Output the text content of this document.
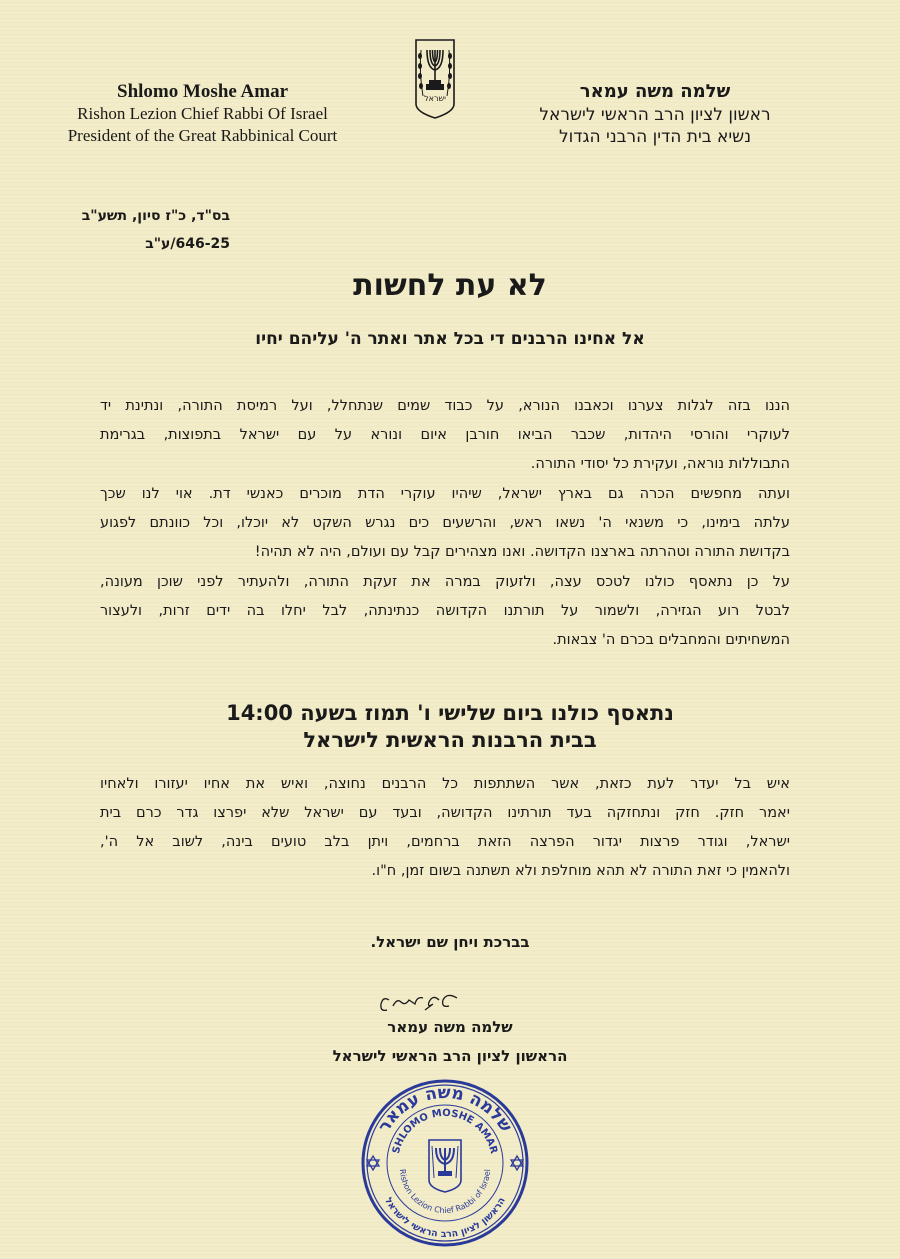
Shlomo Moshe Amar
Rishon Lezion Chief Rabbi Of Israel
President of the Great Rabbinical Court
ישראל	שלמה משה עמאר
ראשון לציון הרב הראשי לישראל
נשיא בית הדין הרבני הגדול
בס"ד, כ"ז סיון, תשע"ב
646-25/ע"ב
לא עת לחשות
אל אחינו הרבנים די בכל אתר ואתר ה' עליהם יחיו
הננו בזה לגלות צערנו וכאבנו הנורא, על כבוד שמים שנתחלל, ועל רמיסת התורה, ונתינת יד
לעוקרי והורסי היהדות, שכבר הביאו חורבן איום ונורא על עם ישראל בתפוצות, בגרימת
התבוללות נוראה, ועקירת כל יסודי התורה.
ועתה מחפשים הכרה גם בארץ ישראל, שיהיו עוקרי הדת מוכרים כאנשי דת. אוי לנו שכך
עלתה בימינו, כי משנאי ה' נשאו ראש, והרשעים כים נגרש השקט לא יוכלו, וכל כוונתם לפגוע
בקדושת התורה וטהרתה בארצנו הקדושה. ואנו מצהירים קבל עם ועולם, היה לא תהיה!
על כן נתאסף כולנו לטכס עצה, ולזעוק במרה את זעקת התורה, ולהעתיר לפני שוכן מעונה,
לבטל רוע הגזירה, ולשמור על תורתנו הקדושה כנתינתה, לבל יחלו בה ידים זרות, ולעצור
המשחיתים והמחבלים בכרם ה' צבאות.
נתאסף כולנו ביום שלישי ו' תמוז בשעה 14:00
בבית הרבנות הראשית לישראל
איש בל יעדר לעת כזאת, אשר השתתפות כל הרבנים נחוצה, ואיש את אחיו יעזורו ולאחיו
יאמר חזק. חזק ונתחזקה בעד תורתינו הקדושה, ובעד עם ישראל שלא יפרצו גדר כרם בית
ישראל, וגודר פרצות יגדור הפרצה הזאת ברחמים, ויתן בלב טועים בינה, לשוב אל ה',
ולהאמין כי זאת התורה לא תהא מוחלפת ולא תשתנה בשום זמן, ח"ו.
בברכת ויחן שם ישראל.
שלמה משה עמאר
הראשון לציון הרב הראשי לישראל
שלמה משה עמאר
SHLOMO MOSHE AMAR
Rishon Lezion Chief Rabbi of Israel
הראשון לציון הרב הראשי לישראל
